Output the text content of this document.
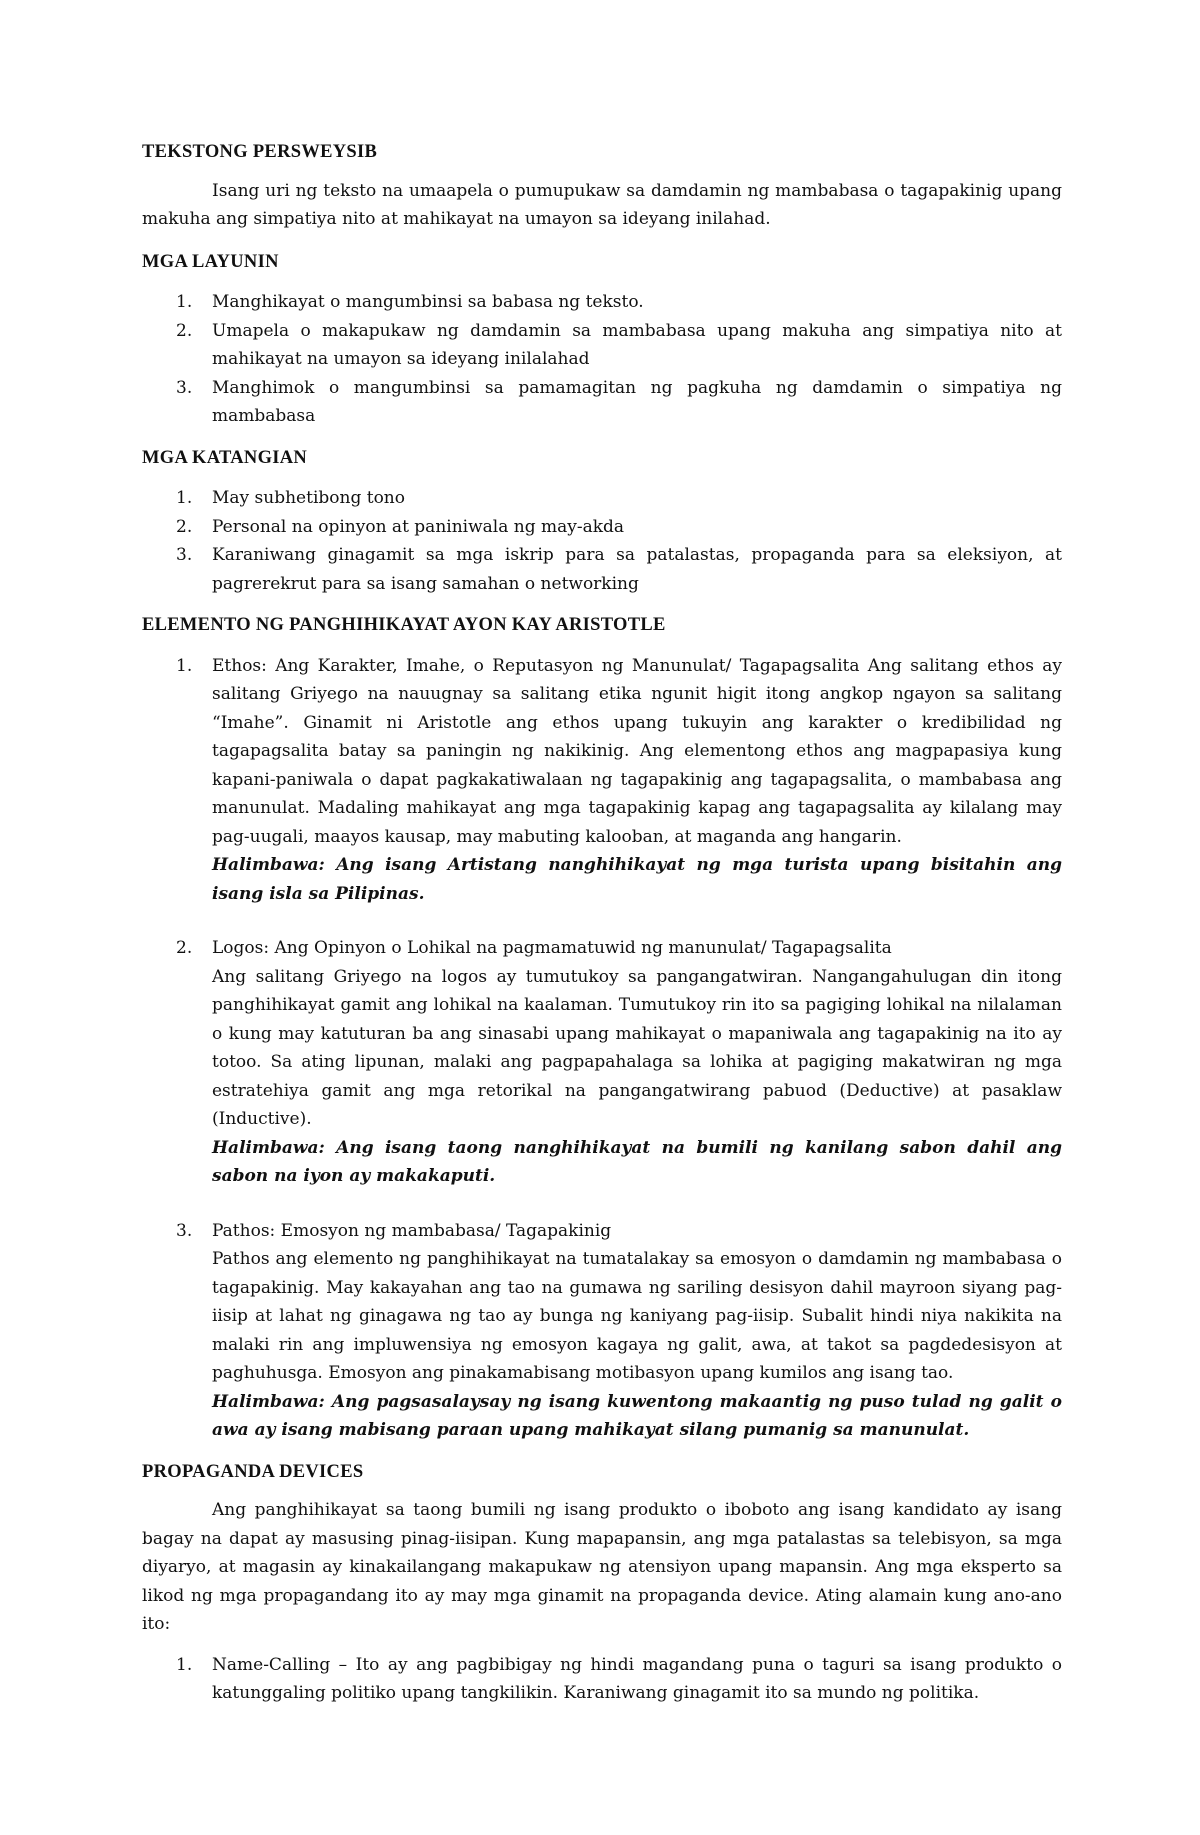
TEKSTONG PERSWEYSIB

Isang uri ng teksto na umaapela o pumupukaw sa damdamin ng mambabasa o tagapakinig upang makuha ang simpatiya nito at mahikayat na umayon sa ideyang inilahad.

MGA LAYUNIN
1.	Manghikayat o mangumbinsi sa babasa ng teksto.
2.	Umapela o makapukaw ng damdamin sa mambabasa upang makuha ang simpatiya nito at mahikayat na umayon sa ideyang inilalahad
3.	Manghimok o mangumbinsi sa pamamagitan ng pagkuha ng damdamin o simpatiya ng mambabasa
MGA KATANGIAN
1.	May subhetibong tono
2.	Personal na opinyon at paniniwala ng may-akda
3.	Karaniwang ginagamit sa mga iskrip para sa patalastas, propaganda para sa eleksiyon, at pagrerekrut para sa isang samahan o networking
ELEMENTO NG PANGHIHIKAYAT AYON KAY ARISTOTLE
1.	Ethos: Ang Karakter, Imahe, o Reputasyon ng Manunulat/ Tagapagsalita Ang salitang ethos ay salitang Griyego na nauugnay sa salitang etika ngunit higit itong angkop ngayon sa salitang “Imahe”. Ginamit ni Aristotle ang ethos upang tukuyin ang karakter o kredibilidad ng tagapagsalita batay sa paningin ng nakikinig. Ang elementong ethos ang magpapasiya kung kapani-paniwala o dapat pagkakatiwalaan ng tagapakinig ang tagapagsalita, o mambabasa ang manunulat. Madaling mahikayat ang mga tagapakinig kapag ang tagapagsalita ay kilalang may pag-uugali, maayos kausap, may mabuting kalooban, at maganda ang hangarin.
Halimbawa: Ang isang Artistang nanghihikayat ng mga turista upang bisitahin ang isang isla sa Pilipinas.
2.	Logos: Ang Opinyon o Lohikal na pagmamatuwid ng manunulat/ Tagapagsalita
Ang salitang Griyego na logos ay tumutukoy sa pangangatwiran. Nangangahulugan din itong panghihikayat gamit ang lohikal na kaalaman. Tumutukoy rin ito sa pagiging lohikal na nilalaman o kung may katuturan ba ang sinasabi upang mahikayat o mapaniwala ang tagapakinig na ito ay totoo. Sa ating lipunan, malaki ang pagpapahalaga sa lohika at pagiging makatwiran ng mga estratehiya gamit ang mga retorikal na pangangatwirang pabuod (Deductive) at pasaklaw (Inductive).
Halimbawa: Ang isang taong nanghihikayat na bumili ng kanilang sabon dahil ang sabon na iyon ay makakaputi.
3.	Pathos: Emosyon ng mambabasa/ Tagapakinig
Pathos ang elemento ng panghihikayat na tumatalakay sa emosyon o damdamin ng mambabasa o tagapakinig. May kakayahan ang tao na gumawa ng sariling desisyon dahil mayroon siyang pag-iisip at lahat ng ginagawa ng tao ay bunga ng kaniyang pag-iisip. Subalit hindi niya nakikita na malaki rin ang impluwensiya ng emosyon kagaya ng galit, awa, at takot sa pagdedesisyon at paghuhusga. Emosyon ang pinakamabisang motibasyon upang kumilos ang isang tao.
Halimbawa: Ang pagsasalaysay ng isang kuwentong makaantig ng puso tulad ng galit o awa ay isang mabisang paraan upang mahikayat silang pumanig sa manunulat.
PROPAGANDA DEVICES

Ang panghihikayat sa taong bumili ng isang produkto o iboboto ang isang kandidato ay isang bagay na dapat ay masusing pinag-iisipan. Kung mapapansin, ang mga patalastas sa telebisyon, sa mga diyaryo, at magasin ay kinakailangang makapukaw ng atensiyon upang mapansin. Ang mga eksperto sa likod ng mga propagandang ito ay may mga ginamit na propaganda device. Ating alamain kung ano-ano ito:

1.	Name-Calling – Ito ay ang pagbibigay ng hindi magandang puna o taguri sa isang produkto o katunggaling politiko upang tangkilikin. Karaniwang ginagamit ito sa mundo ng politika.
